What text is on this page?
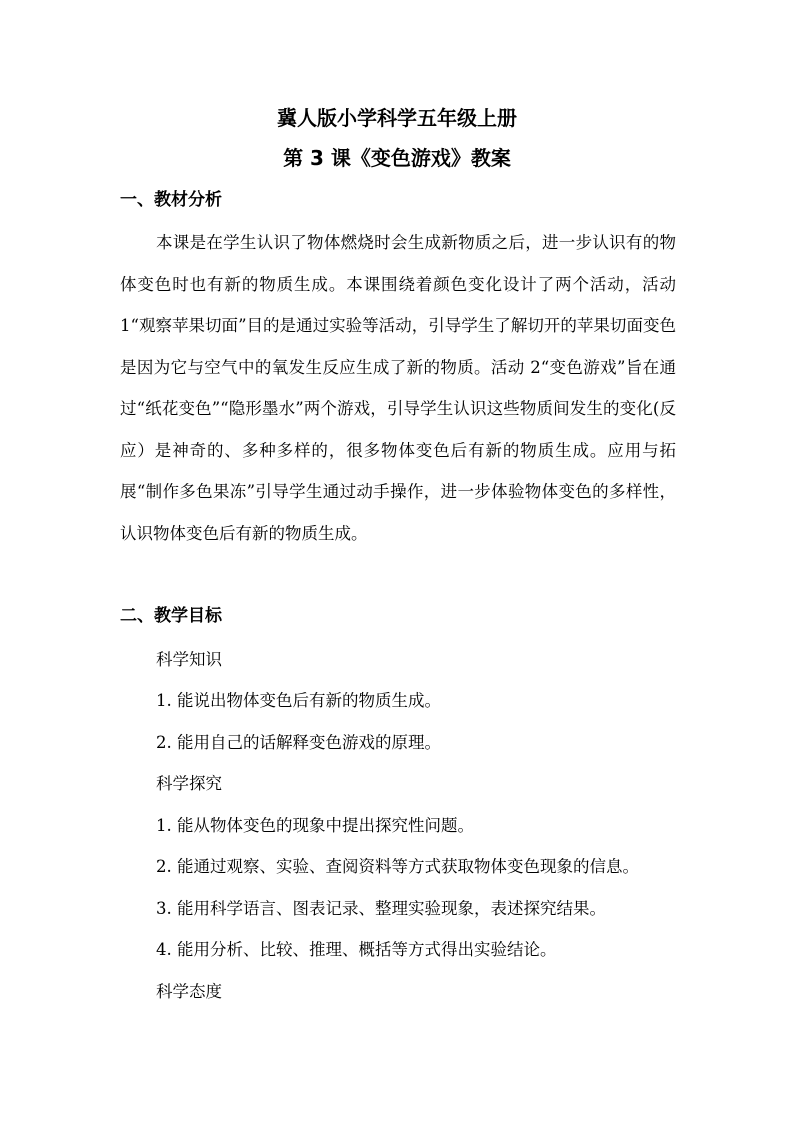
冀人版小学科学五年级上册
第 3 课《变色游戏》教案
一、教材分析

本课是在学生认识了物体燃烧时会生成新物质之后，进一步认识有的物体变色时也有新的物质生成。本课围绕着颜色变化设计了两个活动，活动 1“观察苹果切面”目的是通过实验等活动，引导学生了解切开的苹果切面变色是因为它与空气中的氧发生反应生成了新的物质。活动 2“变色游戏”旨在通过“纸花变色”“隐形墨水”两个游戏，引导学生认识这些物质间发生的变化(反应）是神奇的、多种多样的，很多物体变色后有新的物质生成。应用与拓展“制作多色果冻”引导学生通过动手操作，进一步体验物体变色的多样性，认识物体变色后有新的物质生成。

二、教学目标
科学知识
1. 能说出物体变色后有新的物质生成。
2. 能用自己的话解释变色游戏的原理。
科学探究
1. 能从物体变色的现象中提出探究性问题。
2. 能通过观察、实验、查阅资料等方式获取物体变色现象的信息。
3. 能用科学语言、图表记录、整理实验现象，表述探究结果。
4. 能用分析、比较、推理、概括等方式得出实验结论。
科学态度
